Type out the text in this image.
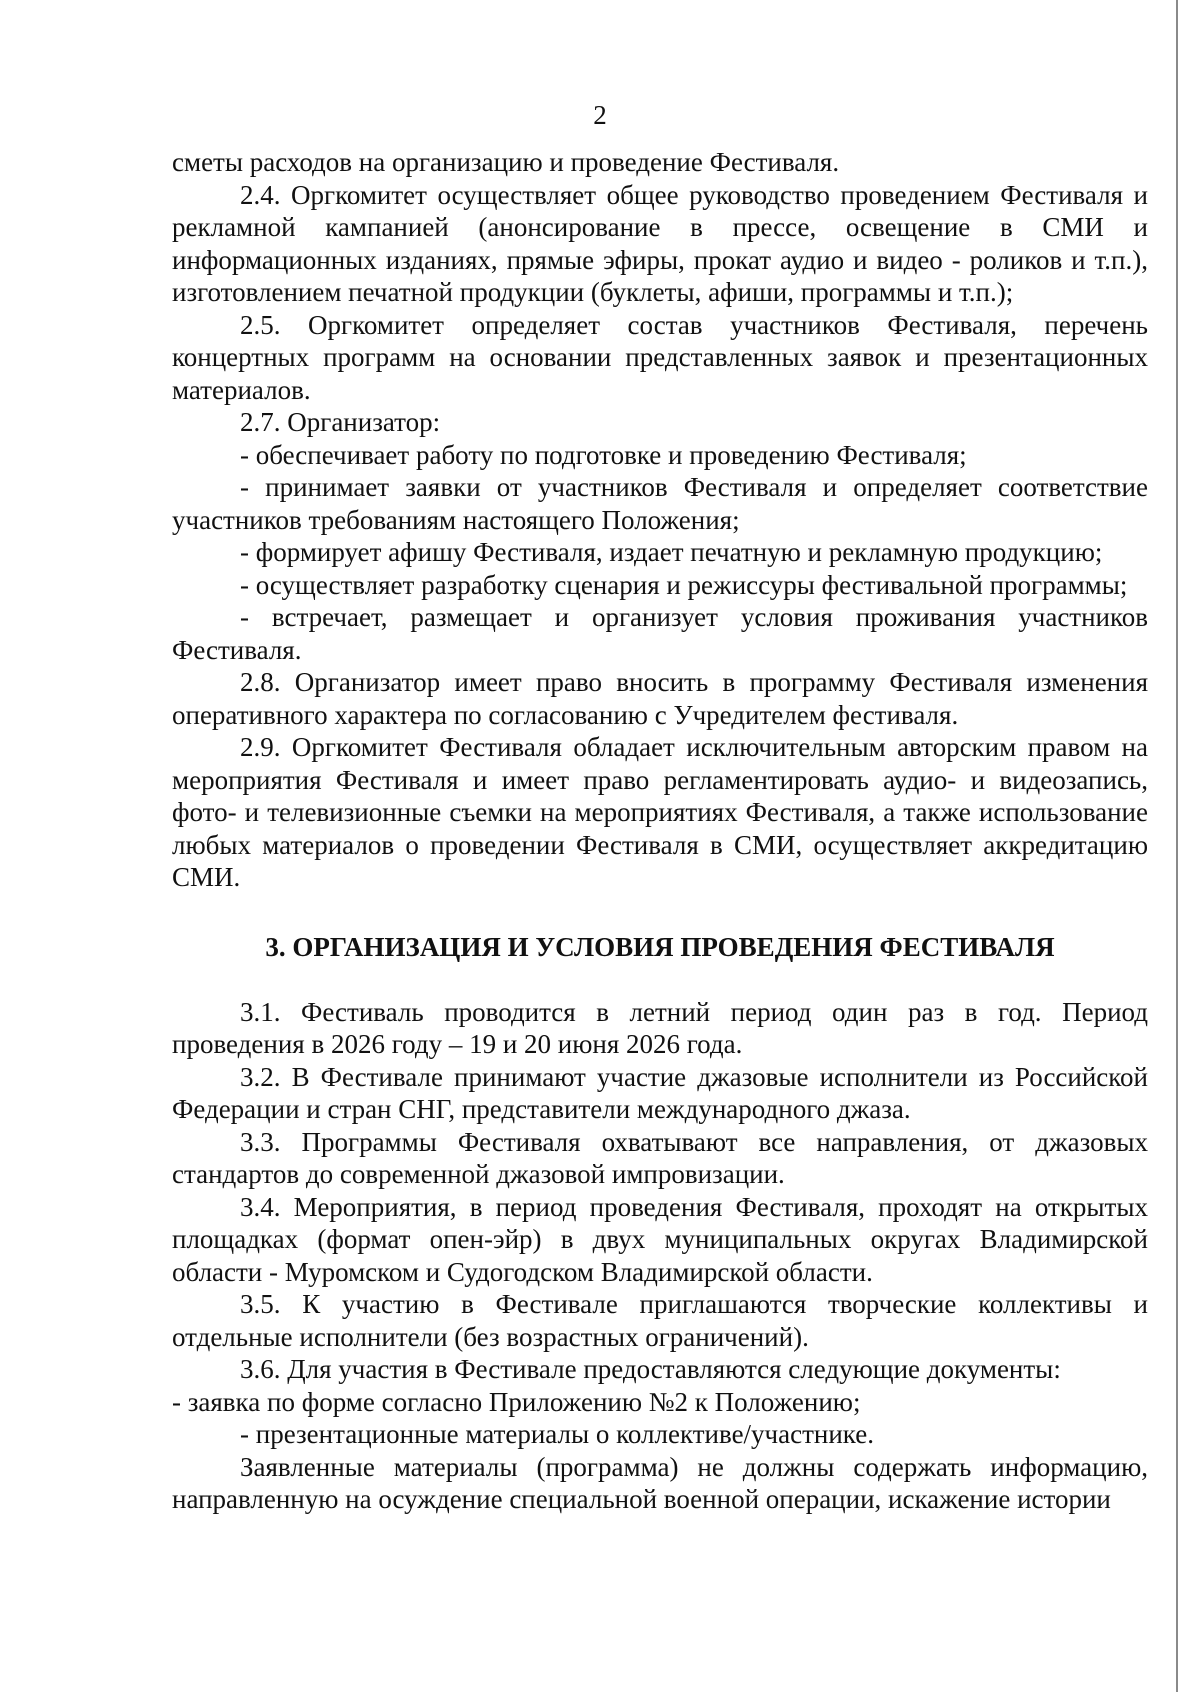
2

сметы расходов на организацию и проведение Фестиваля.

2.4. Оргкомитет осуществляет общее руководство проведением Фестиваля и рекламной кампанией (анонсирование в прессе, освещение в СМИ и информационных изданиях, прямые эфиры, прокат аудио и видео - роликов и т.п.), изготовлением печатной продукции (буклеты, афиши, программы и т.п.);

2.5. Оргкомитет определяет состав участников Фестиваля, перечень концертных программ на основании представленных заявок и презентационных материалов.

2.7. Организатор:

- обеспечивает работу по подготовке и проведению Фестиваля;

- принимает заявки от участников Фестиваля и определяет соответствие участников требованиям настоящего Положения;

- формирует афишу Фестиваля, издает печатную и рекламную продукцию;

- осуществляет разработку сценария и режиссуры фестивальной программы;

- встречает, размещает и организует условия проживания участников Фестиваля.

2.8. Организатор имеет право вносить в программу Фестиваля изменения оперативного характера по согласованию с Учредителем фестиваля.

2.9. Оргкомитет Фестиваля обладает исключительным авторским правом на мероприятия Фестиваля и имеет право регламентировать аудио- и видеозапись, фото- и телевизионные съемки на мероприятиях Фестиваля, а также использование любых материалов о проведении Фестиваля в СМИ, осуществляет аккредитацию СМИ.

3. ОРГАНИЗАЦИЯ И УСЛОВИЯ ПРОВЕДЕНИЯ ФЕСТИВАЛЯ

3.1. Фестиваль проводится в летний период один раз в год. Период проведения в 2026 году – 19 и 20 июня 2026 года.

3.2. В Фестивале принимают участие джазовые исполнители из Российской Федерации и стран СНГ, представители международного джаза.

3.3. Программы Фестиваля охватывают все направления, от джазовых стандартов до современной джазовой импровизации.

3.4. Мероприятия, в период проведения Фестиваля, проходят на открытых площадках (формат опен-эйр) в двух муниципальных округах Владимирской области - Муромском и Судогодском Владимирской области.

3.5. К участию в Фестивале приглашаются творческие коллективы и отдельные исполнители (без возрастных ограничений).

3.6. Для участия в Фестивале предоставляются следующие документы:

- заявка по форме согласно Приложению №2 к Положению;

- презентационные материалы о коллективе/участнике.

Заявленные материалы (программа) не должны содержать информацию, направленную на осуждение специальной военной операции, искажение истории
